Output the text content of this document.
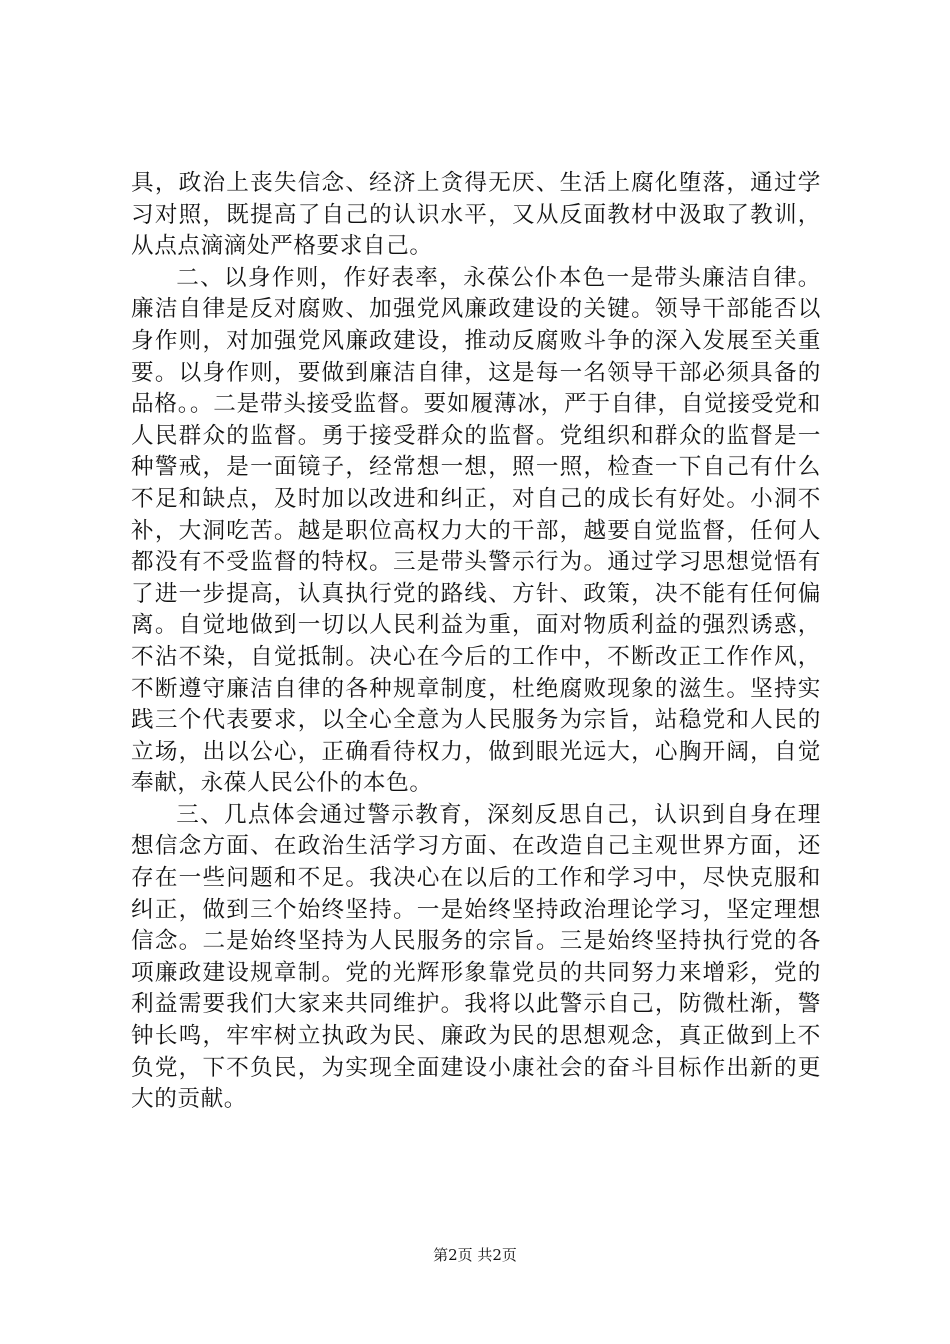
具，政治上丧失信念、经济上贪得无厌、生活上腐化堕落，通过学习对照，既提高了自己的认识水平，又从反面教材中汲取了教训，从点点滴滴处严格要求自己。

二、以身作则，作好表率，永葆公仆本色一是带头廉洁自律。廉洁自律是反对腐败、加强党风廉政建设的关键。领导干部能否以身作则，对加强党风廉政建设，推动反腐败斗争的深入发展至关重要。以身作则，要做到廉洁自律，这是每一名领导干部必须具备的品格。。二是带头接受监督。要如履薄冰，严于自律，自觉接受党和人民群众的监督。勇于接受群众的监督。党组织和群众的监督是一种警戒，是一面镜子，经常想一想，照一照，检查一下自己有什么不足和缺点，及时加以改进和纠正，对自己的成长有好处。小洞不补，大洞吃苦。越是职位高权力大的干部，越要自觉监督，任何人都没有不受监督的特权。三是带头警示行为。通过学习思想觉悟有了进一步提高，认真执行党的路线、方针、政策，决不能有任何偏离。自觉地做到一切以人民利益为重，面对物质利益的强烈诱惑，不沾不染，自觉抵制。决心在今后的工作中，不断改正工作作风，不断遵守廉洁自律的各种规章制度，杜绝腐败现象的滋生。坚持实践三个代表要求，以全心全意为人民服务为宗旨，站稳党和人民的立场，出以公心，正确看待权力，做到眼光远大，心胸开阔，自觉奉献，永葆人民公仆的本色。

三、几点体会通过警示教育，深刻反思自己，认识到自身在理想信念方面、在政治生活学习方面、在改造自己主观世界方面，还存在一些问题和不足。我决心在以后的工作和学习中，尽快克服和纠正，做到三个始终坚持。一是始终坚持政治理论学习，坚定理想信念。二是始终坚持为人民服务的宗旨。三是始终坚持执行党的各项廉政建设规章制。党的光辉形象靠党员的共同努力来增彩，党的利益需要我们大家来共同维护。我将以此警示自己，防微杜渐，警钟长鸣，牢牢树立执政为民、廉政为民的思想观念，真正做到上不负党，下不负民，为实现全面建设小康社会的奋斗目标作出新的更大的贡献。

第2页 共2页
